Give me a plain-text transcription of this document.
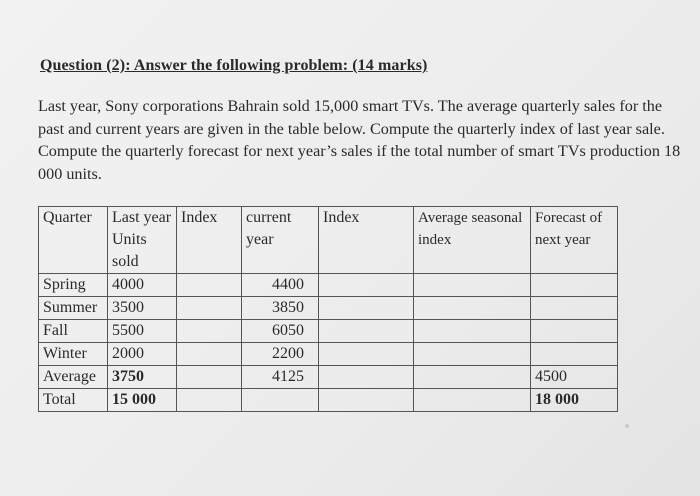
Question (2): Answer the following problem: (14 marks)
Last year, Sony corporations Bahrain sold 15,000 smart TVs. The average quarterly sales for the past and current years are given in the table below. Compute the quarterly index of last year sale. Compute the quarterly forecast for next year’s sales if the total number of smart TVs production 18 000 units.
Quarter	Last year Units sold	Index	current year	Index	Average seasonal index	Forecast of next year
Spring	4000		4400			
Summer	3500		3850			
Fall	5500		6050			
Winter	2000		2200			
Average	3750		4125			4500
Total	15 000					18 000
